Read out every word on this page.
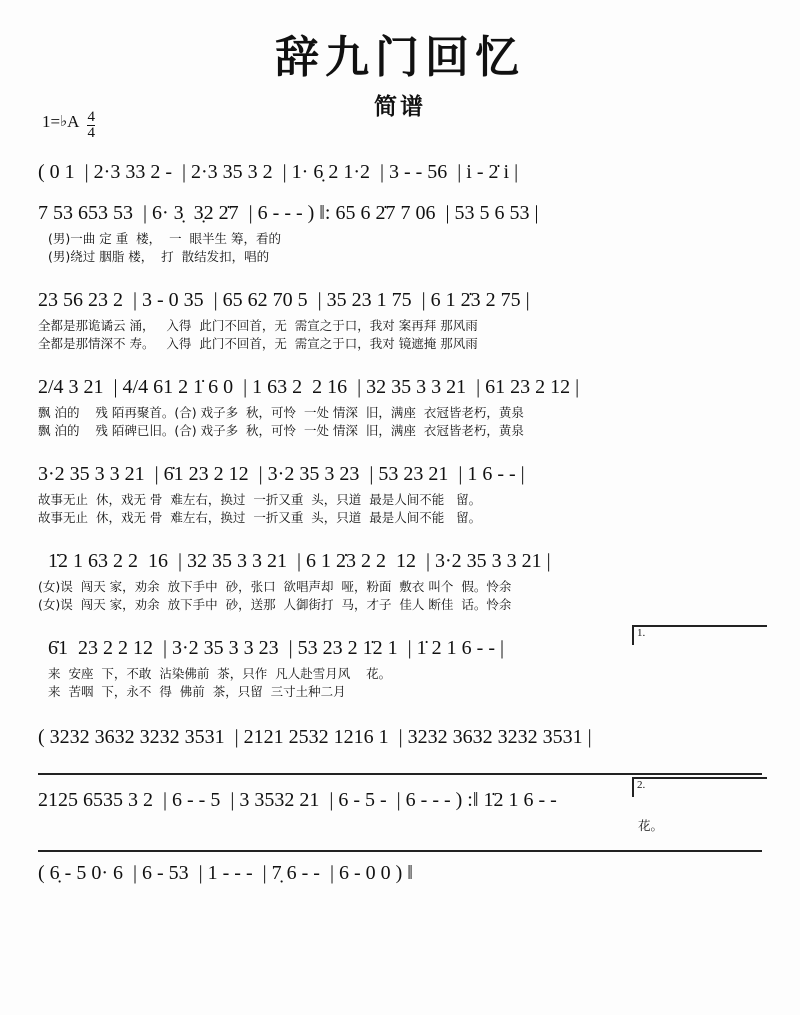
辞九门回忆
简谱
1= ♭ A $\frac{4}{4}$
( 0 1  | 2·3 33 2 -  | 2·3 35 3 2  | 1· 6̣ 2 1·2  | 3 - - 56  | i - 2̇ i |
7 53 653 53  | 6· 3̣  3̣2 2̇7  | 6 - - - ) ‖: 65 6 2̇7 7 06  | 53 5 6 53 |
(男)一曲 定 重  楼，  一  眼半生 筹，看的
(男)绕过 胭脂 楼，  打  散结发扣，唱的
23 56 23 2  | 3 - 0 35  | 65 62 70 5  | 35 23 1 75  | 6 1 2̇3 2 75 |
全都是那诡谲云 涌，   入得  此门不回首，无  需宣之于口，我对 案再拜 那风雨
全都是那情深不 寿。   入得  此门不回首，无  需宣之于口，我对 镜遮掩 那风雨
2/4 3 21  | 4/4 61 2 1̇ 6 0  | 1 63 2  2 16  | 32 35 3 3 21  | 61 23 2 12 |
飘 泊的    残 陌再聚首。(合) 戏子多  秋，可怜  一处 情深  旧，满座  衣冠皆老朽，黄泉
飘 泊的    残 陌碑已旧。(合) 戏子多  秋，可怜  一处 情深  旧，满座  衣冠皆老朽，黄泉
3·2 35 3 3 21  | 6̇1 23 2 12  | 3·2 35 3 23  | 53 23 21  | 1 6 - - |
故事无止  休，戏无 骨  难左右，换过  一折又重  头，只道  最是人间不能   留。
故事无止  休，戏无 骨  难左右，换过  一折又重  头，只道  最是人间不能   留。
1̇2 1 63 2 2  16  | 32 35 3 3 21  | 6 1 2̇3 2 2  12  | 3·2 35 3 3 21 |
(女)误  闯天 家，劝余  放下手中  砂，张口  欲唱声却  哑，粉面  敷衣 叫个  假。怜余
(女)误  闯天 家，劝余  放下手中  砂，送那  人御街打  马，才子  佳人 断佳  话。怜余
1.
6̇1  23 2 2 12  | 3·2 35 3 3 23  | 53 23 2 1̇2 1  | 1̇ 2 1 6 - - |
来  安座  下，不敢  沾染佛前  茶，只作  凡人赴雪月风    花。
来  苦咽  下，永不  得  佛前  茶，只留  三寸土种二月
( 3232 3632 3232 3531  | 2121 2532 1216 1  | 3232 3632 3232 3531 |
2.
2125 6535 3 2  | 6 - - 5  | 3 3532 21  | 6 - 5 -  | 6 - - - ) :‖ 1̇2 1 6 - -
花。
( 6̣ - 5 0· 6  | 6 - 53  | 1 - - -  | 7̣ 6 - -  | 6 - 0 0 ) ‖
